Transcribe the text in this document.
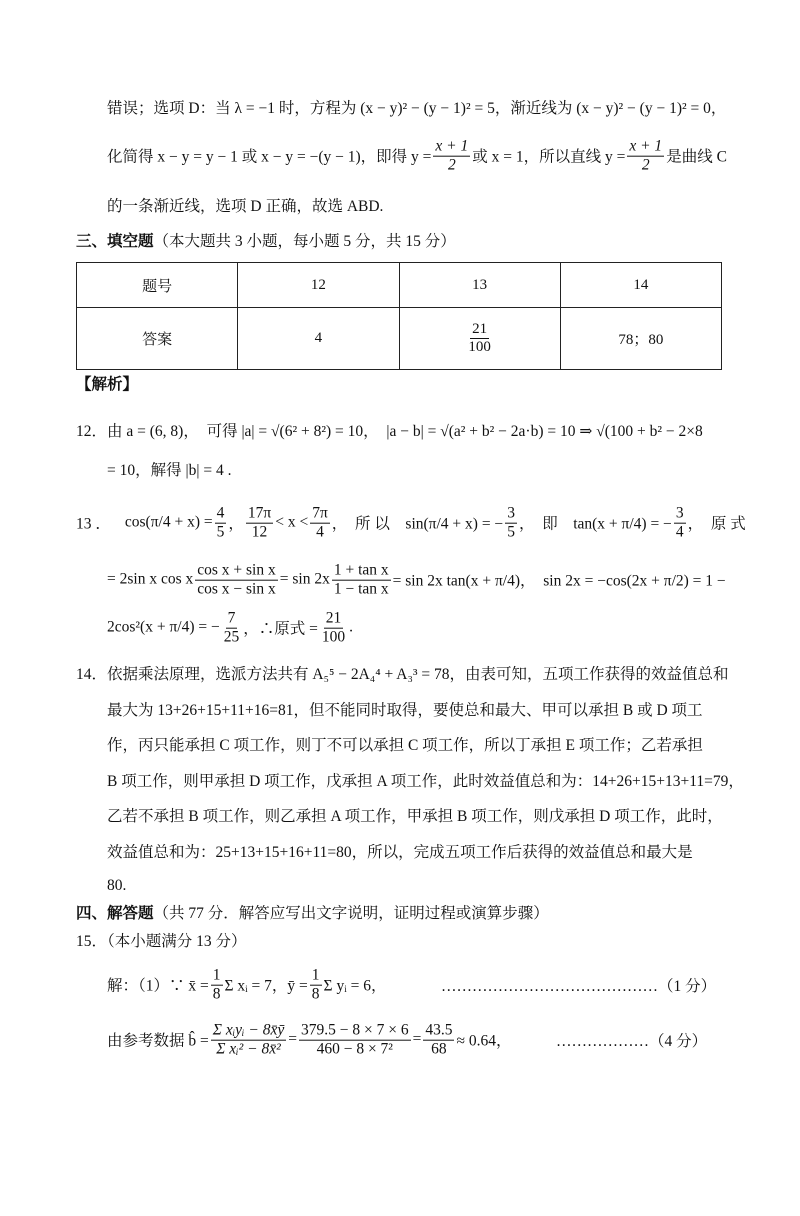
错误；选项 D：当 λ = −1 时，方程为 (x − y)² − (y − 1)² = 5，渐近线为 (x − y)² − (y − 1)² = 0，
化简得 x − y = y − 1 或 x − y = −(y − 1)，即得 $y = \frac{x + 1}{2}$ 或 x = 1，所以直线 $y = \frac{x + 1}{2}$ 是曲线 C
的一条渐近线，选项 D 正确，故选 ABD.
三、填空题 （本大题共 3 小题，每小题 5 分，共 15 分）
题号	12	13	14
答案	4	$\frac{21}{100}$	78；80
【解析】
12．由 a = (6, 8)，　可得 |a| = √(6² + 8²) = 10，　|a − b| = √(a² + b² − 2a·b) = 10 ⇒ √(100 + b² − 2×8
= 10，解得 |b| = 4 .
13 ． $\cos(\pi/4 + x) = \frac{4}{5}$ ，
17π
12
< x <
7π
4 ，　所 以　sin(π/4 + x) = − $\frac{3}{5}$ ，　即　tan(x + π/4) = − $\frac{3}{4}$ ，　原 式
= 2sin x cos x $\frac{\text{cos x + sin x}}{\text{cos x − sin x}} = \sin 2x \frac{\text{1 + tan x}}{\text{1 − tan x}} = \sin 2x$ tan(x + π/4)，　sin 2x = −cos(2x + π/2) = 1 −
2cos²(x + π/4) = − $\frac{7}{25}$ ，∴原式 = $\frac{21}{100}$ .
14．依据乘法原理，选派方法共有 A₅⁵ − 2A₄⁴ + A₃³ = 78，由表可知，五项工作获得的效益值总和
最大为 13+26+15+11+16=81，但不能同时取得，要使总和最大、甲可以承担 B 或 D 项工
作，丙只能承担 C 项工作，则丁不可以承担 C 项工作，所以丁承担 E 项工作；乙若承担
B 项工作，则甲承担 D 项工作，戊承担 A 项工作，此时效益值总和为：14+26+15+13+11=79，
乙若不承担 B 项工作，则乙承担 A 项工作，甲承担 B 项工作，则戊承担 D 项工作，此时，
效益值总和为：25+13+15+16+11=80，所以，完成五项工作后获得的效益值总和最大是
80.
四、解答题 （共 77 分．解答应写出文字说明，证明过程或演算步骤）
15．（本小题满分 13 分）
解：（1）∵ x̄ = $\frac{1}{8}$ Σ xᵢ = 7，ȳ = $\frac{1}{8}$ Σ yᵢ = 6，	……………………………………（1 分）
由参考数据 b̂ =
Σ xᵢyᵢ − 8x̄ȳ
Σ xᵢ² − 8x̄²
= $\frac{379.5 - 8 \times 7 \times 6}{\text{460 − 8 × 7²}} = \frac{43.5}{68} \approx 0.64$，	………………（4 分）
